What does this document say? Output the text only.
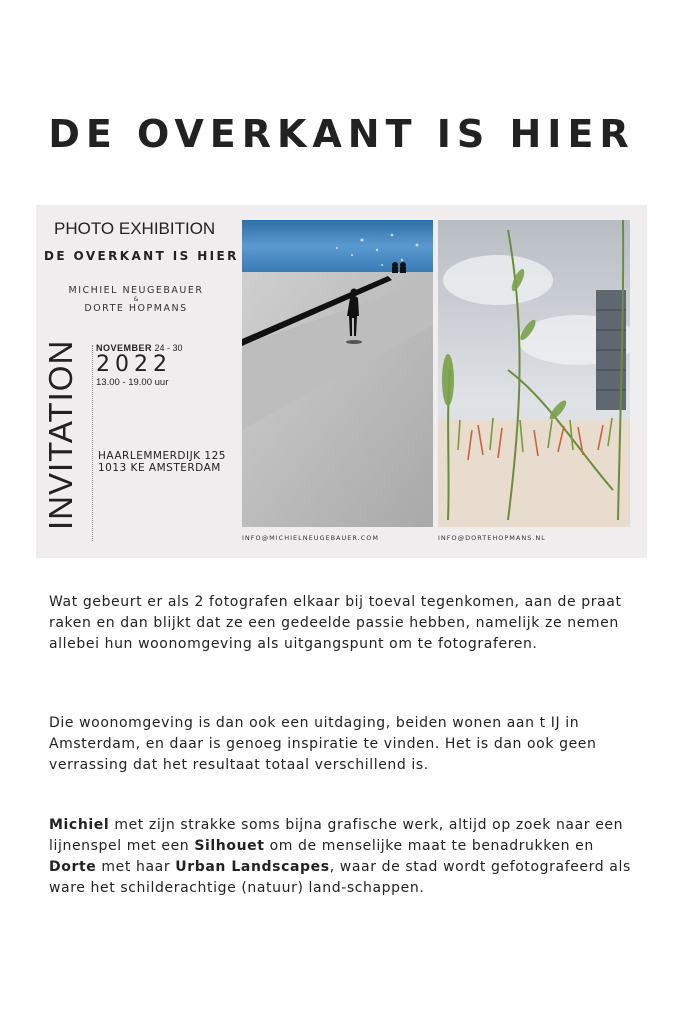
DE OVERKANT IS HIER
PHOTO EXHIBITION
DE OVERKANT IS HIER
MICHIEL NEUGEBAUER
&
DORTE HOPMANS
INVITATION NOVEMBER 24 - 30
2022
13.00 - 19.00 uur
HAARLEMMERDIJK 125
1013 KE AMSTERDAM
INFO@MICHIELNEUGEBAUER.COM	INFO@DORTEHOPMANS.NL
Wat gebeurt er als 2 fotografen elkaar bij toeval tegenkomen, aan de praat raken en dan blijkt dat ze een gedeelde passie hebben, namelijk ze nemen allebei hun woonomgeving als uitgangspunt om te fotograferen.
Die woonomgeving is dan ook een uitdaging, beiden wonen aan t IJ in Amsterdam, en daar is genoeg inspiratie te vinden. Het is dan ook geen verrassing dat het resultaat totaal verschillend is.
Michiel met zijn strakke soms bijna grafische werk, altijd op zoek naar een lijnenspel met een Silhouet om de menselijke maat te benadrukken en Dorte met haar Urban Landscapes, waar de stad wordt gefotografeerd als ware het schilderachtige (natuur) land-schappen.
